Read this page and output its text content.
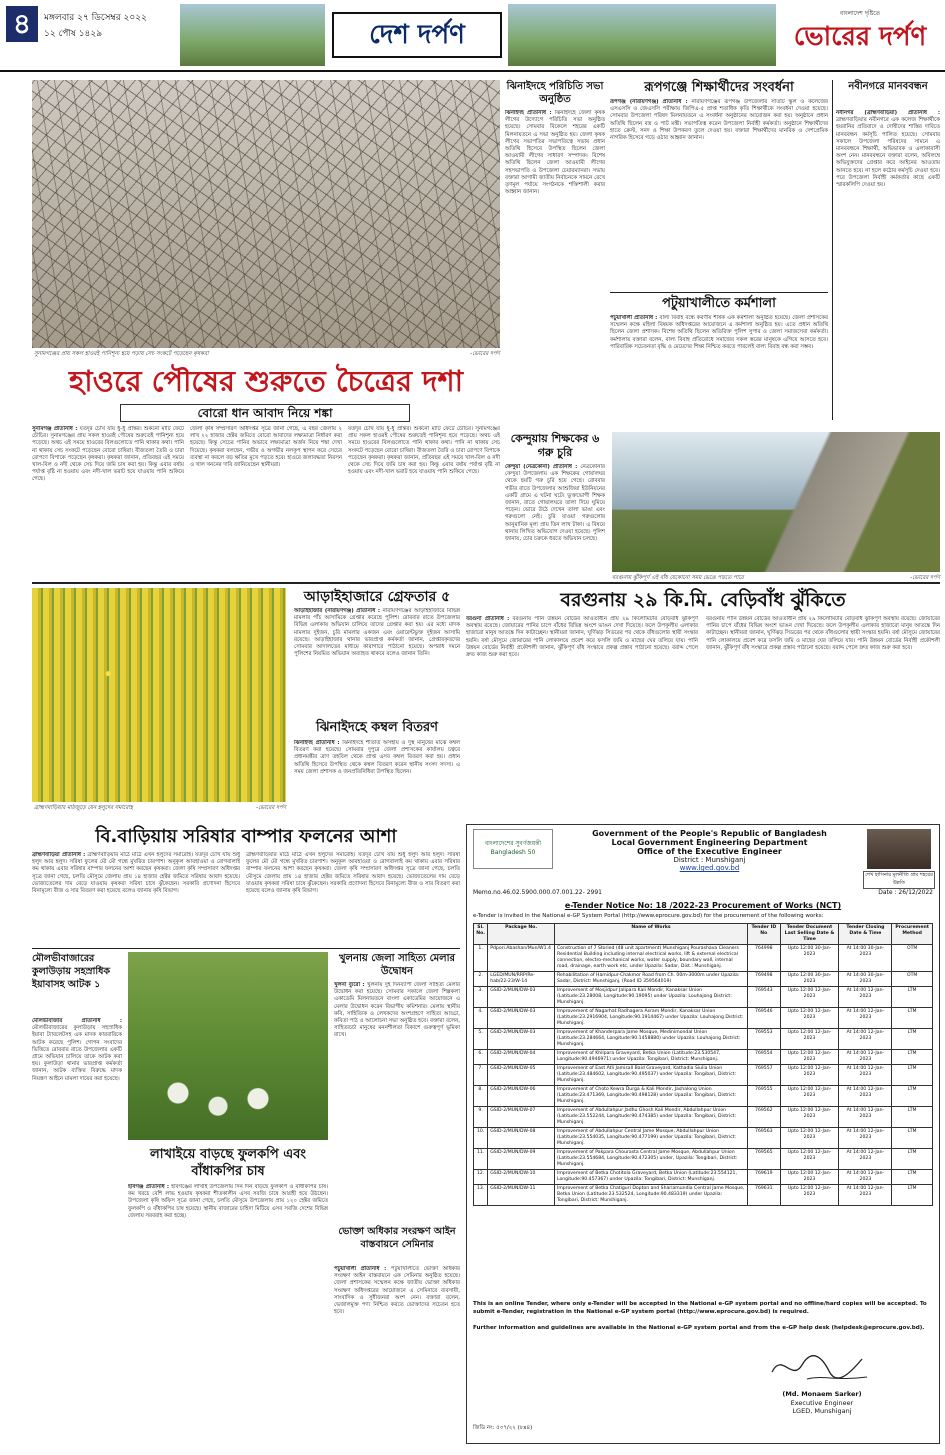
৪	মঙ্গলবার ২৭ ডিসেম্বর ২০২২
১২ পৌষ ১৪২৯	দেশ দর্পণ
বাংলাদেশ দৃষ্টিতে
ভোরের দর্পণ
সুনামগঞ্জের প্রায় সকল হাওরই পানিশূন্য হয়ে পড়ায় সেচ সংকটে পড়েছেন কৃষকরা	-ভোরের দর্পণ
ঝিনাইদহে পরিচিতি সভা অনুষ্ঠিত

ঝিনাইদহ প্রতিনিধি : ঝিনাইদহে জেলা কৃষক লীগের উদ্যোগে পরিচিতি সভা অনুষ্ঠিত হয়েছে। সোমবার বিকেলে শহরের একটি মিলনায়তনে এ সভা অনুষ্ঠিত হয়। জেলা কৃষক লীগের সভাপতির সভাপতিত্বে সভায় প্রধান অতিথি হিসেবে উপস্থিত ছিলেন জেলা আওয়ামী লীগের সাধারণ সম্পাদক। বিশেষ অতিথি ছিলেন জেলা আওয়ামী লীগের সহসভাপতি ও উপজেলা চেয়ারম্যানরা। সভায় বক্তারা আগামী জাতীয় নির্বাচনকে সামনে রেখে তৃণমূল পর্যায়ে সংগঠনকে শক্তিশালী করার আহ্বান জানান।

রূপগঞ্জে শিক্ষার্থীদের সংবর্ধনা

রূপগঞ্জ (নারায়ণগঞ্জ) প্রতিনিধি : নারায়ণগঞ্জের রূপগঞ্জ উপজেলার সাতটি স্কুল ও কলেজের এসএসসি ও জেএসসি পরীক্ষায় জিপিএ-৫ প্রাপ্ত শতাধিক কৃতি শিক্ষার্থীকে সংবর্ধনা দেওয়া হয়েছে। সোমবার উপজেলা পরিষদ মিলনায়তনে এ সংবর্ধনা অনুষ্ঠানের আয়োজন করা হয়। অনুষ্ঠানে প্রধান অতিথি ছিলেন বস্ত্র ও পাট মন্ত্রী। সভাপতিত্ব করেন উপজেলা নির্বাহী কর্মকর্তা। অনুষ্ঠানে শিক্ষার্থীদের হাতে ক্রেস্ট, সনদ ও শিক্ষা উপকরণ তুলে দেওয়া হয়। বক্তারা শিক্ষার্থীদের মানবিক ও দেশপ্রেমিক নাগরিক হিসেবে গড়ে ওঠার আহ্বান জানান।

পটুয়াখালীতে কর্মশালা

পটুয়াখালী প্রতিনিধি : বাল্য বিবাহ বন্ধে করণীয় শীর্ষক এক কর্মশালা অনুষ্ঠিত হয়েছে। জেলা প্রশাসকের সম্মেলন কক্ষে মহিলা বিষয়ক অধিদপ্তরের আয়োজনে এ কর্মশালা অনুষ্ঠিত হয়। এতে প্রধান অতিথি ছিলেন জেলা প্রশাসক। বিশেষ অতিথি ছিলেন অতিরিক্ত পুলিশ সুপার ও জেলা সমাজসেবা কর্মকর্তা। কর্মশালায় বক্তারা বলেন, বাল্য বিবাহ প্রতিরোধে সমাজের সকল স্তরের মানুষকে এগিয়ে আসতে হবে। পারিবারিক সচেতনতা বৃদ্ধি ও মেয়েদের শিক্ষা নিশ্চিত করতে পারলেই বাল্য বিবাহ বন্ধ করা সম্ভব।

নবীনগরে মানববন্ধন

নবীনগর (ব্রাহ্মণবাড়িয়া) প্রতিনিধি : ব্রাহ্মণবাড়িয়ার নবীনগরে এক কলেজ শিক্ষার্থীকে হয়রানির প্রতিবাদে ও দোষীদের শাস্তির দাবিতে মানববন্ধন কর্মসূচি পালিত হয়েছে। সোমবার সকালে উপজেলা পরিষদের সামনে এ মানববন্ধনে শিক্ষার্থী, অভিভাবক ও এলাকাবাসী অংশ নেন। মানববন্ধনে বক্তারা বলেন, অবিলম্বে অভিযুক্তদের গ্রেপ্তার করে আইনের আওতায় আনতে হবে। না হলে কঠোর কর্মসূচি দেওয়া হবে। পরে উপজেলা নির্বাহী কর্মকর্তার কাছে একটি স্মারকলিপি দেওয়া হয়।

হাওরে পৌষের শুরুতে চৈত্রের দশা
বোরো ধান আবাদ নিয়ে শঙ্কা

সুনামগঞ্জ প্রতিনিধি : যতদূর চোখ যায় ধু-ধু প্রান্তর। শুকনো মাটি ফেটে চৌচির। সুনামগঞ্জের প্রায় সকল হাওরই পৌষের শুরুতেই পানিশূন্য হয়ে পড়েছে। অথচ এই সময়ে হাওরের বিলগুলোতে পানি থাকার কথা। পানি না থাকায় সেচ সংকটে পড়েছেন বোরো চাষিরা। বীজতলা তৈরি ও চারা রোপণে বিপাকে পড়েছেন কৃষকরা। কৃষকরা জানান, প্রতিবছর এই সময়ে খাল-বিল ও নদী থেকে সেচ দিয়ে জমি চাষ করা হয়। কিন্তু এবার বর্ষায় পর্যাপ্ত বৃষ্টি না হওয়ায় এবং নদী-খাল ভরাট হয়ে যাওয়ায় পানি শুকিয়ে গেছে।

জেলা কৃষি সম্প্রসারণ অধিদপ্তর সূত্রে জানা গেছে, এ বছর জেলায় ২ লাখ ২২ হাজার হেক্টর জমিতে বোরো আবাদের লক্ষ্যমাত্রা নির্ধারণ করা হয়েছে। কিন্তু সেচের পানির অভাবে লক্ষ্যমাত্রা অর্জন নিয়ে শঙ্কা দেখা দিয়েছে। কৃষকরা বলছেন, গভীর ও অগভীর নলকূপ স্থাপন করে সেচের ব্যবস্থা না করলে বড় ক্ষতির মুখে পড়তে হবে। হাওরে জলাবদ্ধতা নিরসন ও খাল খননের দাবি জানিয়েছেন স্থানীয়রা।

যতদূর চোখ যায় ধু-ধু প্রান্তর। শুকনো মাটি ফেটে চৌচির। সুনামগঞ্জের প্রায় সকল হাওরই পৌষের শুরুতেই পানিশূন্য হয়ে পড়েছে। অথচ এই সময়ে হাওরের বিলগুলোতে পানি থাকার কথা। পানি না থাকায় সেচ সংকটে পড়েছেন বোরো চাষিরা। বীজতলা তৈরি ও চারা রোপণে বিপাকে পড়েছেন কৃষকরা। কৃষকরা জানান, প্রতিবছর এই সময়ে খাল-বিল ও নদী থেকে সেচ দিয়ে জমি চাষ করা হয়। কিন্তু এবার বর্ষায় পর্যাপ্ত বৃষ্টি না হওয়ায় এবং নদী-খাল ভরাট হয়ে যাওয়ায় পানি শুকিয়ে গেছে।

কেন্দুয়ায় শিক্ষকের ৬ গরু চুরি

কেন্দুয়া (নেত্রকোনা) প্রতিনিধি : নেত্রকোনার কেন্দুয়া উপজেলায় এক শিক্ষকের গোয়ালঘর থেকে ছয়টি গরু চুরি হয়ে গেছে। রোববার গভীর রাতে উপজেলার আশুজিয়া ইউনিয়নের একটি গ্রামে এ ঘটনা ঘটে। ভুক্তভোগী শিক্ষক জানান, রাতে গোয়ালঘরে তালা দিয়ে ঘুমিয়ে পড়েন। ভোরে উঠে দেখেন তালা ভাঙা এবং গরুগুলো নেই। চুরি যাওয়া গরুগুলোর আনুমানিক মূল্য প্রায় তিন লাখ টাকা। এ বিষয়ে থানায় লিখিত অভিযোগ দেওয়া হয়েছে। পুলিশ জানায়, চোর চক্রকে ধরতে অভিযান চলছে।

বরগুনায় ঝুঁকিপূর্ণ এই বাঁধ যেকোনো সময় ভেঙে পড়তে পারে	-ভোরের দর্পণ
ব্রাহ্মণবাড়িয়ার মাঠজুড়ে যেন হলুদের সমারোহ	-ভোরের দর্পণ
আড়াইহাজারে গ্রেফতার ৫

আড়াইহাজার (নারায়ণগঞ্জ) প্রতিনিধি : নারায়ণগঞ্জের আড়াইহাজারে বিভিন্ন মামলার পাঁচ আসামিকে গ্রেপ্তার করেছে পুলিশ। রোববার রাতে উপজেলার বিভিন্ন এলাকায় অভিযান চালিয়ে তাদের গ্রেপ্তার করা হয়। এর মধ্যে মাদক মামলার দুইজন, চুরি মামলার একজন এবং ওয়ারেন্টভুক্ত দুইজন আসামি রয়েছে। আড়াইহাজার থানার ভারপ্রাপ্ত কর্মকর্তা জানান, গ্রেপ্তারকৃতদের সোমবার আদালতের মাধ্যমে কারাগারে পাঠানো হয়েছে। অপরাধ দমনে পুলিশের নিয়মিত অভিযান অব্যাহত থাকবে বলেও জানান তিনি।

ঝিনাইদহে কম্বল বিতরণ

ঝিনাইদহ প্রতিনিধি : ঝিনাইদহে শীতার্ত অসহায় ও দুস্থ মানুষের মাঝে কম্বল বিতরণ করা হয়েছে। সোমবার দুপুরে জেলা প্রশাসকের কার্যালয় চত্বরে প্রধানমন্ত্রীর ত্রাণ তহবিল থেকে প্রাপ্ত এসব কম্বল বিতরণ করা হয়। প্রধান অতিথি হিসেবে উপস্থিত থেকে কম্বল বিতরণ করেন স্থানীয় সংসদ সদস্য। এ সময় জেলা প্রশাসক ও জনপ্রতিনিধিরা উপস্থিত ছিলেন।

বরগুনায় ২৯ কি.মি. বেড়িবাঁধ ঝুঁকিতে

বরগুনা প্রতিনিধি : বরগুনায় পানি উন্নয়ন বোর্ডের আওতাধীন প্রায় ২৯ কিলোমিটার বেড়িবাঁধ ঝুঁকিপূর্ণ অবস্থায় রয়েছে। জোয়ারের পানির চাপে বাঁধের বিভিন্ন অংশে ভাঙন দেখা দিয়েছে। ফলে উপকূলীয় এলাকার হাজারো মানুষ আতঙ্কে দিন কাটাচ্ছেন। স্থানীয়রা জানান, ঘূর্ণিঝড় সিডরের পর থেকে বাঁধগুলোর স্থায়ী সংস্কার হয়নি। বর্ষা মৌসুমে জোয়ারের পানি লোকালয়ে প্রবেশ করে ফসলি জমি ও মাছের ঘের তলিয়ে যায়। পানি উন্নয়ন বোর্ডের নির্বাহী প্রকৌশলী জানান, ঝুঁকিপূর্ণ বাঁধ সংস্কারে প্রকল্প প্রস্তাব পাঠানো হয়েছে। বরাদ্দ পেলে দ্রুত কাজ শুরু করা হবে।

বরগুনায় পানি উন্নয়ন বোর্ডের আওতাধীন প্রায় ২৯ কিলোমিটার বেড়িবাঁধ ঝুঁকিপূর্ণ অবস্থায় রয়েছে। জোয়ারের পানির চাপে বাঁধের বিভিন্ন অংশে ভাঙন দেখা দিয়েছে। ফলে উপকূলীয় এলাকার হাজারো মানুষ আতঙ্কে দিন কাটাচ্ছেন। স্থানীয়রা জানান, ঘূর্ণিঝড় সিডরের পর থেকে বাঁধগুলোর স্থায়ী সংস্কার হয়নি। বর্ষা মৌসুমে জোয়ারের পানি লোকালয়ে প্রবেশ করে ফসলি জমি ও মাছের ঘের তলিয়ে যায়। পানি উন্নয়ন বোর্ডের নির্বাহী প্রকৌশলী জানান, ঝুঁকিপূর্ণ বাঁধ সংস্কারে প্রকল্প প্রস্তাব পাঠানো হয়েছে। বরাদ্দ পেলে দ্রুত কাজ শুরু করা হবে।

বি.বাড়িয়ায় সরিষার বাম্পার ফলনের আশা

ব্রাহ্মণবাড়িয়া প্রতিনিধি : ব্রাহ্মণবাড়িয়ার মাঠে মাঠে এখন হলুদের সমারোহ। যতদূর চোখ যায় শুধু হলুদ আর হলুদ। সরিষা ফুলের মৌ মৌ গন্ধে মুখরিত চারপাশ। অনুকূল আবহাওয়া ও রোগবালাই কম থাকায় এবার সরিষার বাম্পার ফলনের আশা করছেন কৃষকরা। জেলা কৃষি সম্প্রসারণ অধিদপ্তর সূত্রে জানা গেছে, চলতি মৌসুমে জেলায় প্রায় ১৪ হাজার হেক্টর জমিতে সরিষার আবাদ হয়েছে। ভোজ্যতেলের দাম বেড়ে যাওয়ায় কৃষকরা সরিষা চাষে ঝুঁকেছেন। সরকারি প্রণোদনা হিসেবে বিনামূল্যে বীজ ও সার বিতরণ করা হয়েছে বলেও জানায় কৃষি বিভাগ।

ব্রাহ্মণবাড়িয়ার মাঠে মাঠে এখন হলুদের সমারোহ। যতদূর চোখ যায় শুধু হলুদ আর হলুদ। সরিষা ফুলের মৌ মৌ গন্ধে মুখরিত চারপাশ। অনুকূল আবহাওয়া ও রোগবালাই কম থাকায় এবার সরিষার বাম্পার ফলনের আশা করছেন কৃষকরা। জেলা কৃষি সম্প্রসারণ অধিদপ্তর সূত্রে জানা গেছে, চলতি মৌসুমে জেলায় প্রায় ১৪ হাজার হেক্টর জমিতে সরিষার আবাদ হয়েছে। ভোজ্যতেলের দাম বেড়ে যাওয়ায় কৃষকরা সরিষা চাষে ঝুঁকেছেন। সরকারি প্রণোদনা হিসেবে বিনামূল্যে বীজ ও সার বিতরণ করা হয়েছে বলেও জানায় কৃষি বিভাগ।

মৌলভীবাজারের কুলাউড়ায় সহস্রাধিক ইয়াবাসহ আটক ১

মৌলভীবাজার প্রতিনিধি : মৌলভীবাজারের কুলাউড়ায় সহস্রাধিক ইয়াবা ট্যাবলেটসহ এক মাদক কারবারিকে আটক করেছে পুলিশ। গোপন সংবাদের ভিত্তিতে রোববার রাতে উপজেলার একটি গ্রামে অভিযান চালিয়ে তাকে আটক করা হয়। কুলাউড়া থানার ভারপ্রাপ্ত কর্মকর্তা জানান, আটক ব্যক্তির বিরুদ্ধে মাদক নিয়ন্ত্রণ আইনে মামলা দায়ের করা হয়েছে।

লাখাইয়ে বাড়ছে ফুলকপি এবং বাঁধাকপির চাষ

হবিগঞ্জ প্রতিনিধি : হবিগঞ্জের লাখাই উপজেলায় দিন দিন বাড়ছে ফুলকপি ও বাঁধাকপির চাষ। কম খরচে বেশি লাভ হওয়ায় কৃষকরা শীতকালীন এসব সবজি চাষে আগ্রহী হয়ে উঠছেন। উপজেলা কৃষি অফিস সূত্রে জানা গেছে, চলতি মৌসুমে উপজেলায় প্রায় ১২০ হেক্টর জমিতে ফুলকপি ও বাঁধাকপির চাষ হয়েছে। স্থানীয় বাজারের চাহিদা মিটিয়ে এসব সবজি দেশের বিভিন্ন জেলায় সরবরাহ করা হচ্ছে।

খুলনায় জেলা সাহিত্য মেলার উদ্বোধন

খুলনা ব্যুরো : খুলনায় দুই দিনব্যাপী জেলা সাহিত্য মেলার উদ্বোধন করা হয়েছে। সোমবার সকালে জেলা শিল্পকলা একাডেমি মিলনায়তনে বাংলা একাডেমির আয়োজনে এ মেলার উদ্বোধন করেন বিভাগীয় কমিশনার। মেলায় স্থানীয় কবি, সাহিত্যিক ও লেখকদের অংশগ্রহণে সাহিত্য আড্ডা, কবিতা পাঠ ও আলোচনা সভা অনুষ্ঠিত হবে। বক্তারা বলেন, সাহিত্যচর্চা মানুষের মননশীলতা বিকাশে গুরুত্বপূর্ণ ভূমিকা রাখে।

ভোক্তা অধিকার সংরক্ষণ আইন বাস্তবায়নে সেমিনার

পটুয়াখালী প্রতিনিধি : পটুয়াখালীতে ভোক্তা অধিকার সংরক্ষণ আইন বাস্তবায়নে এক সেমিনার অনুষ্ঠিত হয়েছে। জেলা প্রশাসকের সম্মেলন কক্ষে জাতীয় ভোক্তা অধিকার সংরক্ষণ অধিদপ্তরের আয়োজনে এ সেমিনারে ব্যবসায়ী, সাংবাদিক ও সুধীজনরা অংশ নেন। বক্তারা বলেন, ভেজালমুক্ত পণ্য নিশ্চিত করতে ভোক্তাদের সচেতন হতে হবে।

বাংলাদেশের সুবর্ণজয়ন্তী Bangladesh 50
শেখ হাসিনার মূলনীতি গ্রাম শহরের উন্নতি
Government of the People's Republic of Bangladesh
Local Government Engineering Department
Office of the Executive Engineer
District : Munshiganj
www.lged.gov.bd
Memo.no.46.02.5900.000.07.001.22- 2991	Date : 26/12/2022
e-Tender Notice No: 18 /2022-23 Procurement of Works (NCT)
e-Tender is invited in the National e-GP System Portal (http://www.eprocure.gov.bd) for the procurement of the following works:
Sl. No.	Package No.	Name of Works	Tender ID No	Tender Document Last Selling Date & Time	Tender Closing Date & Time	Procurement Method
1.	Pdpori.Abashan/Mun/W1.4	Construction of 7 Storied (48 unit apartment) Munshiganj Pourashava Cleaners Residential Building including internal electrical works, lift & external electrical connection, electro-mechanical works, water supply, boundary wall, internal road, drainage, earth work etc. under Upazila: Sadar, Dist.: Munshiganj.	764998	Upto 12:00 30-Jan-2023	At 14:00 30-Jan-2023	OTM
2.	LGED/MUN/RRP/Re-hab/22-23/W-14	Rehabilitation of Hamidpur-Chakmor Road from Ch. 00m-3000m under Upazila: Sadar, District: Munshiganj. (Road ID 359564019)	769498	Upto 12:00 30-Jan-2023	At 14:00 30-Jan-2023	OTM
3.	GSID-2/MUN/DW-03	Improvement of Mosjidpur Jalipara Kali Mondir, Kanaksar Union (Latitude:23.28008, Longitude:90.19095) under Upazila: Louhajong District: Munshiganj.	769543	Upto 12:00 12-Jan-2023	At 14:00 12-Jan-2023	LTM
4.	GSID-2/MUN/DW-03	Improvement of Nagarhat Radhagera Asram Mondir, Kanaksar Union (Latitude:23.2916904, Longitude:90.1914467) under Upazila: Louhajong District: Munshiganj.	769546	Upto 12:00 12-Jan-2023	At 14:00 12-Jan-2023	LTM
5.	GSID-2/MUN/DW-03	Improvement of Khanderpara Jame Mosque, Medinimondal Union (Latitude:23.284664, Longitude:90.1458880) under Upazila: Louhajong District: Munshiganj.	769553	Upto 12:00 12-Jan-2023	At 14:00 12-Jan-2023	LTM
6.	GSID-2/MUN/DW-04	Improvement of Khilpara Graveyard, Betka Union (Latitude:23.530547, Longitude:90.4946971) under Upazila: Tongibari, District: Munshiganj.	769554	Upto 12:00 12-Jan-2023	At 14:00 12-Jan-2023	LTM
7.	GSID-2/MUN/DW-05	Improvement of East Atli Jamisall Baid Graveyard, Kathadia Siulia Union (Latitude:23.484602, Longitude:90.495037) under Upazila: Tongibari, District: Munshiganj.	769557	Upto 12:00 12-Jan-2023	At 14:00 12-Jan-2023	LTM
8.	GSID-2/MUN/DW-06	Improvement of Choto Kewra Durga & Kali Mondir, Jashalong Union (Latitude:23.471369, Longitude:90.498128) under Upazila: Tongibari, District: Munshiganj.	769555	Upto 12:00 12-Jan-2023	At 14:00 12-Jan-2023	LTM
9.	GSID-2/MUN/DW-07	Improvement of Abdullahpur Jadhu Ghosh Kali Mondir, Abdullahpur Union (Latitude:23.552244, Longitude:90.474385) under Upazila: Tongibari, District: Munshiganj.	769562	Upto 12:00 12-Jan-2023	At 14:00 12-Jan-2023	LTM
10.	GSID-2/MUN/DW-08	Improvement of Abdullahpur Central Jame Mosque, Abdullahpur Union (Latitude:23.554035, Longitude:90.477199) under Upazila: Tongibari, District: Munshiganj.	769563	Upto 12:00 12-Jan-2023	At 14:00 12-Jan-2023	LTM
11.	GSID-2/MUN/DW-09	Improvement of Pakpara Chourasta Central Jame Mosque, Abdullahpur Union (Latitude:23.554684, Longitude:90.472305) under, Upazila: Tongibari, District: Munshiganj.	769565	Upto 12:00 12-Jan-2023	At 14:00 12-Jan-2023	LTM
12.	GSID-2/MUN/DW-10	Improvement of Betka Chotitola Graveyard, Betka Union (Latitude:23.554121, Longitude:90.457367) under Upazila: Tongibari, District: Munshiganj.	769619	Upto 12:00 12-Jan-2023	At 14:00 12-Jan-2023	LTM
13.	GSID-2/MUN/DW-11	Improvement of Betka Chatiguri Dopton and Shariamundia Central Jame Mosque, Betka Union (Latitude:23.532524, Longitude:90.483319) under Upazila: Tongibari, District: Munshiganj.	769631	Upto 12:00 12-Jan-2023	At 14:00 12-Jan-2023	LTM
This is an online Tender, where only e-Tender will be accepted in the National e-GP system portal and no offline/hard copies will be accepted. To submit e-Tender, registration in the National e-GP system portal (http://www.eprocure.gov.bd) is required.
Further information and guidelines are available in the National e-GP system portal and from the e-GP help desk (helpdesk@eprocure.gov.bd).
(Md. Monaem Sarker)
Executive Engineer
LGED, Munshiganj
জিডি নং: ৫৩৭/২২ (৮x৪)
